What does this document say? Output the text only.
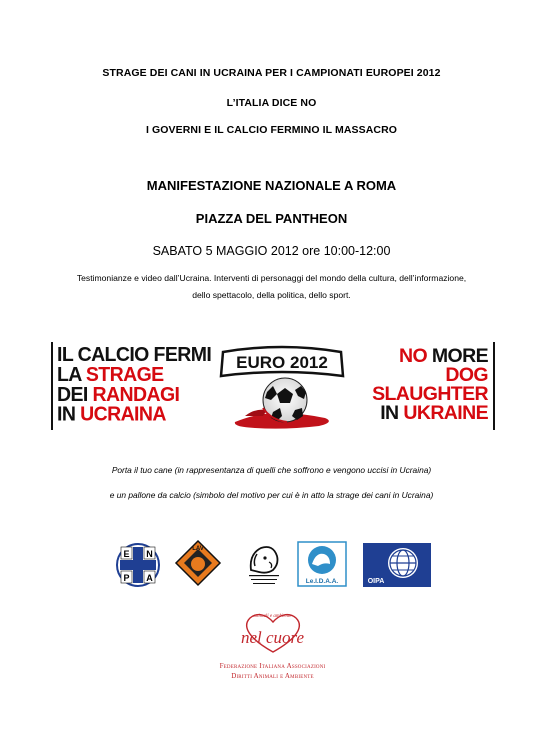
STRAGE DEI CANI IN UCRAINA PER I CAMPIONATI EUROPEI 2012
L’ITALIA DICE NO
I GOVERNI E IL CALCIO FERMINO IL MASSACRO
MANIFESTAZIONE NAZIONALE A ROMA
PIAZZA DEL PANTHEON
SABATO 5 MAGGIO 2012 ore 10:00-12:00
Testimonianze e video dall’Ucraina. Interventi di personaggi del mondo della cultura, dell’informazione,
dello spettacolo, della politica, dello sport.
IL CALCIO FERMI
LA STRAGE
DEI RANDAGI
IN UCRAINA
EURO 2012	NO MORE
DOG
SLAUGHTER
IN UKRAINE
Porta il tuo cane (in rappresentanza di quelli che soffrono e vengono uccisi in Ucraina)
e un pallone da calcio (simbolo del motivo per cui è in atto la strage dei cani in Ucraina)
E N
P A
LAV
Le.I.D.A.A.	OIPA
animali e ambiente
nel cuore
Federazione Italiana Associazioni
Diritti Animali e Ambiente
